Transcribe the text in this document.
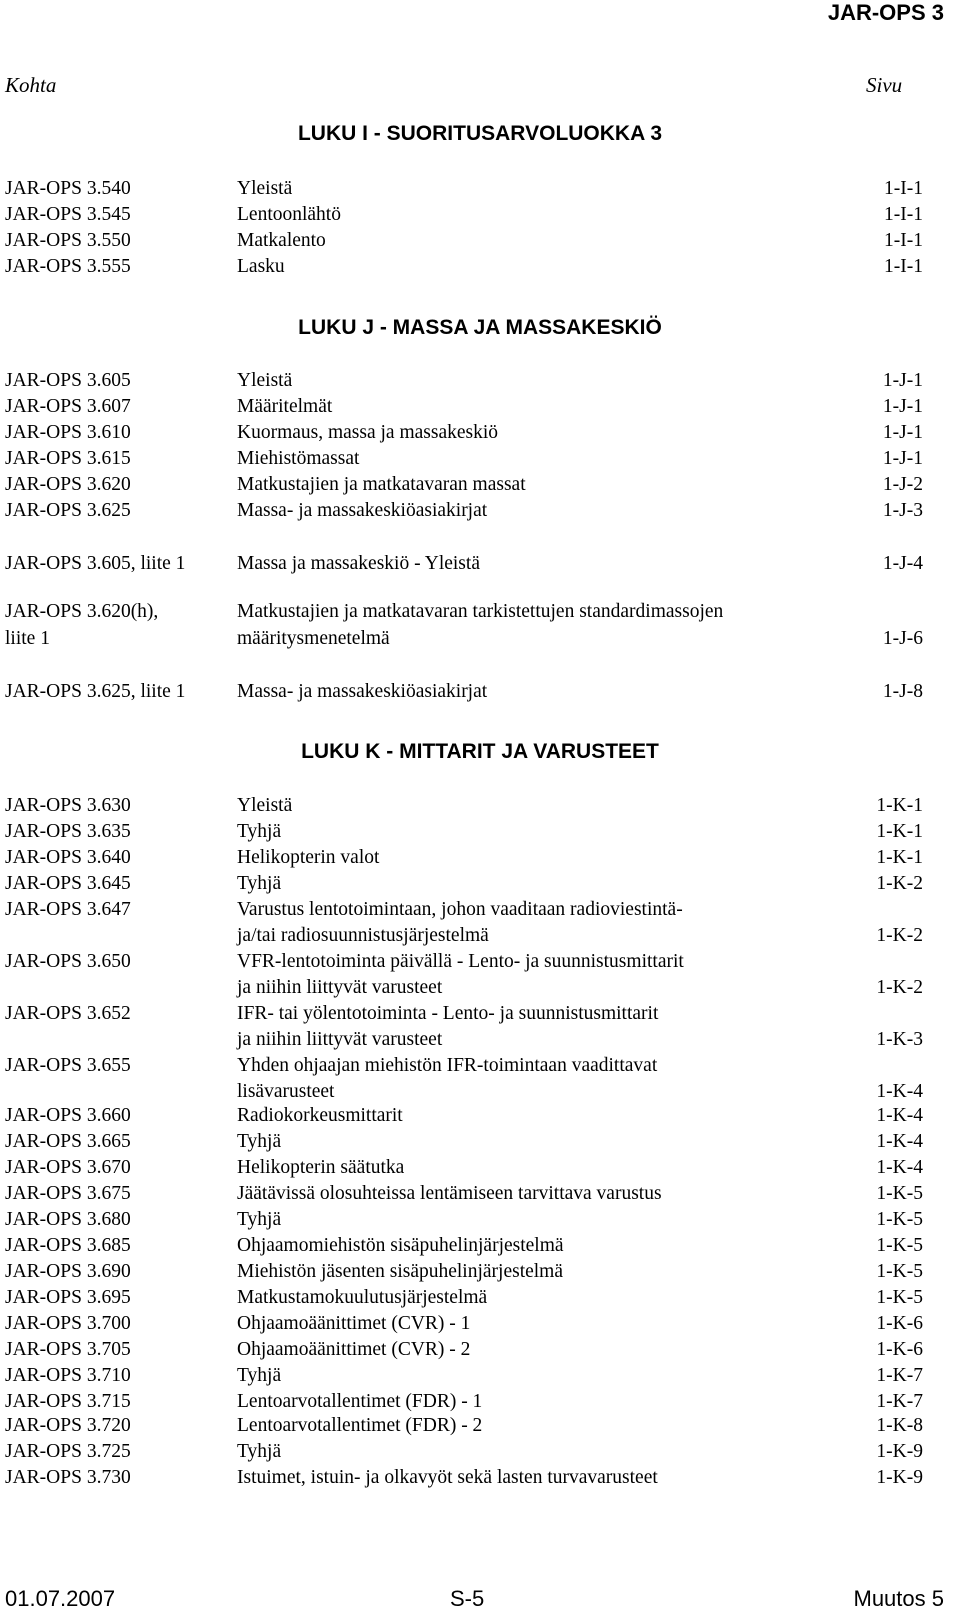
JAR-OPS 3
Kohta	Sivu
LUKU I - SUORITUSARVOLUOKKA 3
LUKU J - MASSA JA MASSAKESKIÖ
LUKU K - MITTARIT JA VARUSTEET
JAR-OPS 3.540	Yleistä	1-I-1
JAR-OPS 3.545	Lentoonlähtö	1-I-1
JAR-OPS 3.550	Matkalento	1-I-1
JAR-OPS 3.555	Lasku	1-I-1
JAR-OPS 3.605	Yleistä	1-J-1
JAR-OPS 3.607	Määritelmät	1-J-1
JAR-OPS 3.610	Kuormaus, massa ja massakeskiö	1-J-1
JAR-OPS 3.615	Miehistömassat	1-J-1
JAR-OPS 3.620	Matkustajien ja matkatavaran massat	1-J-2
JAR-OPS 3.625	Massa- ja massakeskiöasiakirjat	1-J-3
JAR-OPS 3.605, liite 1	Massa ja massakeskiö - Yleistä	1-J-4
JAR-OPS 3.620(h),	Matkustajien ja matkatavaran tarkistettujen standardimassojen
liite 1	määritysmenetelmä	1-J-6
JAR-OPS 3.625, liite 1	Massa- ja massakeskiöasiakirjat	1-J-8
JAR-OPS 3.630	Yleistä	1-K-1
JAR-OPS 3.635	Tyhjä	1-K-1
JAR-OPS 3.640	Helikopterin valot	1-K-1
JAR-OPS 3.645	Tyhjä	1-K-2
JAR-OPS 3.647	Varustus lentotoimintaan, johon vaaditaan radioviestintä-
ja/tai radiosuunnistusjärjestelmä	1-K-2
JAR-OPS 3.650	VFR-lentotoiminta päivällä - Lento- ja suunnistusmittarit
ja niihin liittyvät varusteet	1-K-2
JAR-OPS 3.652	IFR- tai yölentotoiminta - Lento- ja suunnistusmittarit
ja niihin liittyvät varusteet	1-K-3
JAR-OPS 3.655	Yhden ohjaajan miehistön IFR-toimintaan vaadittavat
lisävarusteet	1-K-4
JAR-OPS 3.660	Radiokorkeusmittarit	1-K-4
JAR-OPS 3.665	Tyhjä	1-K-4
JAR-OPS 3.670	Helikopterin säätutka	1-K-4
JAR-OPS 3.675	Jäätävissä olosuhteissa lentämiseen tarvittava varustus	1-K-5
JAR-OPS 3.680	Tyhjä	1-K-5
JAR-OPS 3.685	Ohjaamomiehistön sisäpuhelinjärjestelmä	1-K-5
JAR-OPS 3.690	Miehistön jäsenten sisäpuhelinjärjestelmä	1-K-5
JAR-OPS 3.695	Matkustamokuulutusjärjestelmä	1-K-5
JAR-OPS 3.700	Ohjaamoäänittimet (CVR) - 1	1-K-6
JAR-OPS 3.705	Ohjaamoäänittimet (CVR) - 2	1-K-6
JAR-OPS 3.710	Tyhjä	1-K-7
JAR-OPS 3.715	Lentoarvotallentimet (FDR) - 1	1-K-7
JAR-OPS 3.720	Lentoarvotallentimet (FDR) - 2	1-K-8
JAR-OPS 3.725	Tyhjä	1-K-9
JAR-OPS 3.730	Istuimet, istuin- ja olkavyöt sekä lasten turvavarusteet	1-K-9
01.07.2007	S-5	Muutos 5
